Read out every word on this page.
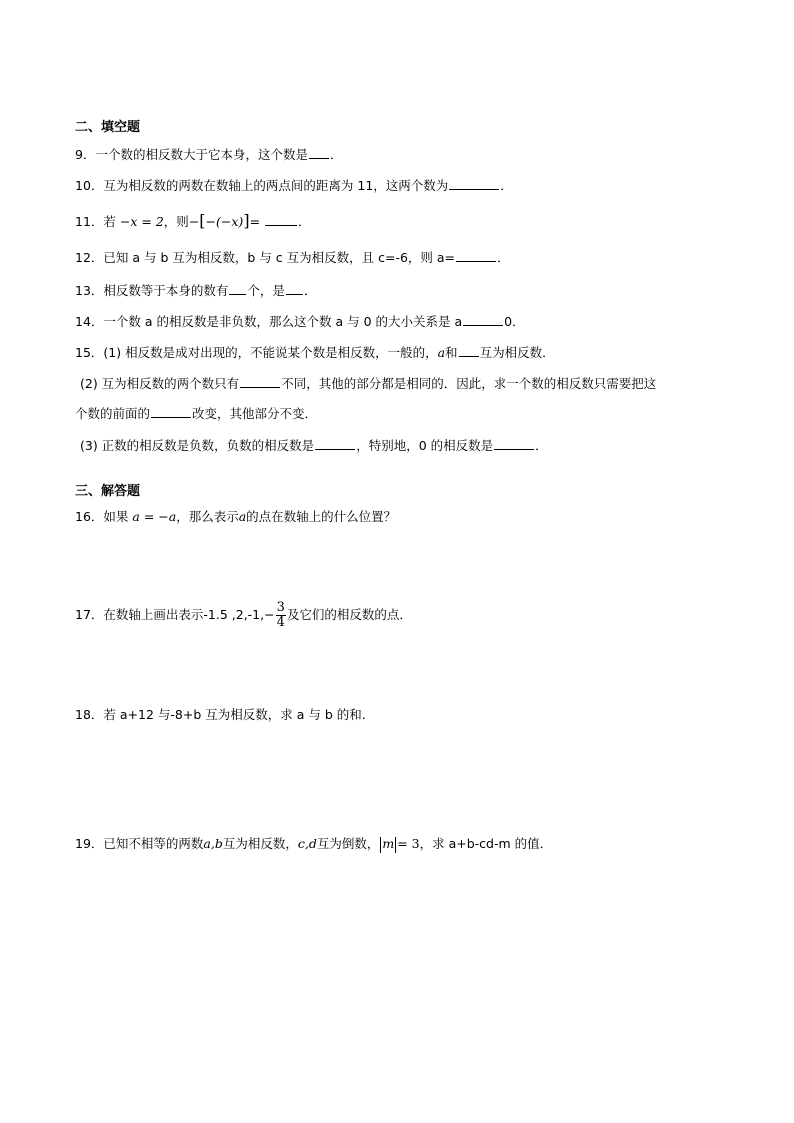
二、填空题
9．一个数的相反数大于它本身，这个数是 ．
10．互为相反数的两数在数轴上的两点间的距离为 11，这两个数为	．
11．若 −x = 2，则−[−(−x)]=	．
12．已知 a 与 b 互为相反数，b 与 c 互为相反数，且 c=-6，则 a=	．
13．相反数等于本身的数有 个，是 ．
14．一个数 a 的相反数是非负数，那么这个数 a 与 0 的大小关系是 a	0．
15．(1) 相反数是成对出现的，不能说某个数是相反数，一般的，a和 互为相反数．
(2) 互为相反数的两个数只有	不同，其他的部分都是相同的．因此，求一个数的相反数只需要把这
个数的前面的	改变，其他部分不变．
(3) 正数的相反数是负数，负数的相反数是	，特别地，0 的相反数是	．
三、解答题
16．如果 a = −a，那么表示a的点在数轴上的什么位置？
17．在数轴上画出表示-1.5 $,2,-1,- \frac{3}{4}$ 及它们的相反数的点．
18．若 a+12 与-8+b 互为相反数，求 a 与 b 的和.
19．已知不相等的两数a,b互为相反数，c,d互为倒数， m = 3，求 a+b-cd-m 的值．
